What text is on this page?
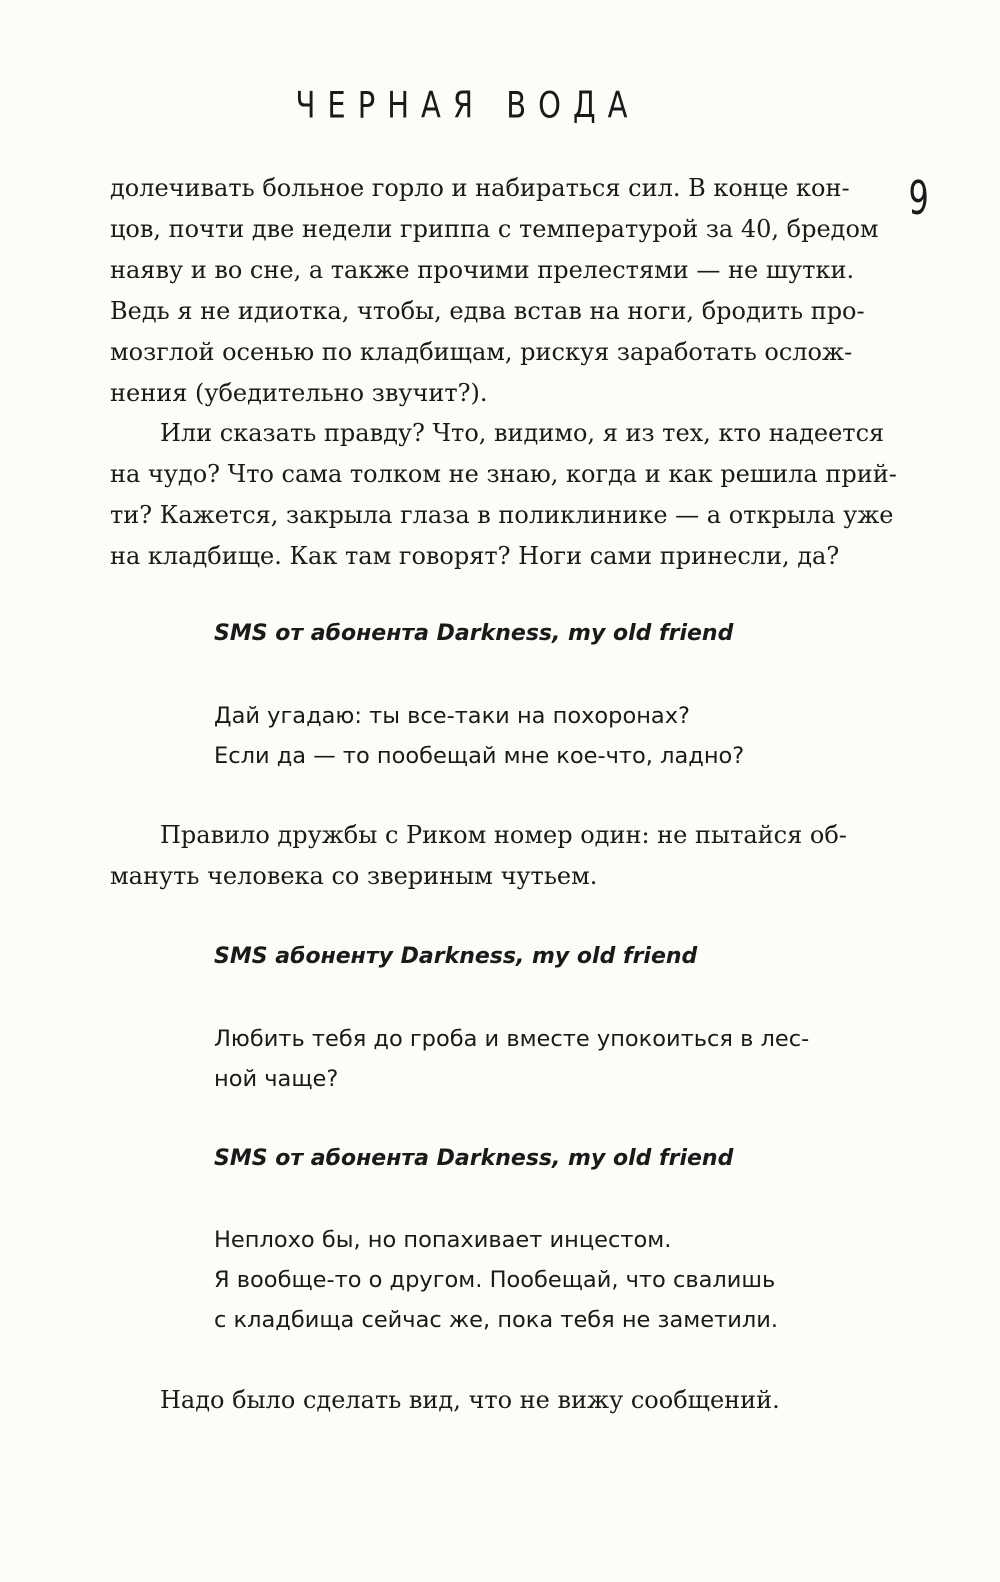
ЧЕРНАЯ ВОДА
9
долечивать больное горло и набираться сил. В конце кон-
цов, почти две недели гриппа с температурой за 40, бредом
наяву и во сне, а также прочими прелестями — не шутки.
Ведь я не идиотка, чтобы, едва встав на ноги, бродить про-
мозглой осенью по кладбищам, рискуя заработать ослож-
нения (убедительно звучит?).
Или сказать правду? Что, видимо, я из тех, кто надеется
на чудо? Что сама толком не знаю, когда и как решила прий-
ти? Кажется, закрыла глаза в поликлинике — а открыла уже
на кладбище. Как там говорят? Ноги сами принесли, да?
SMS от абонента Darkness, my old friend
Дай угадаю: ты все-таки на похоронах?
Если да — то пообещай мне кое-что, ладно?
Правило дружбы с Риком номер один: не пытайся об-
мануть человека со звериным чутьем.
SMS абоненту Darkness, my old friend
Любить тебя до гроба и вместе упокоиться в лес-
ной чаще?
SMS от абонента Darkness, my old friend
Неплохо бы, но попахивает инцестом.
Я вообще-то о другом. Пообещай, что свалишь
с кладбища сейчас же, пока тебя не заметили.
Надо было сделать вид, что не вижу сообщений.
